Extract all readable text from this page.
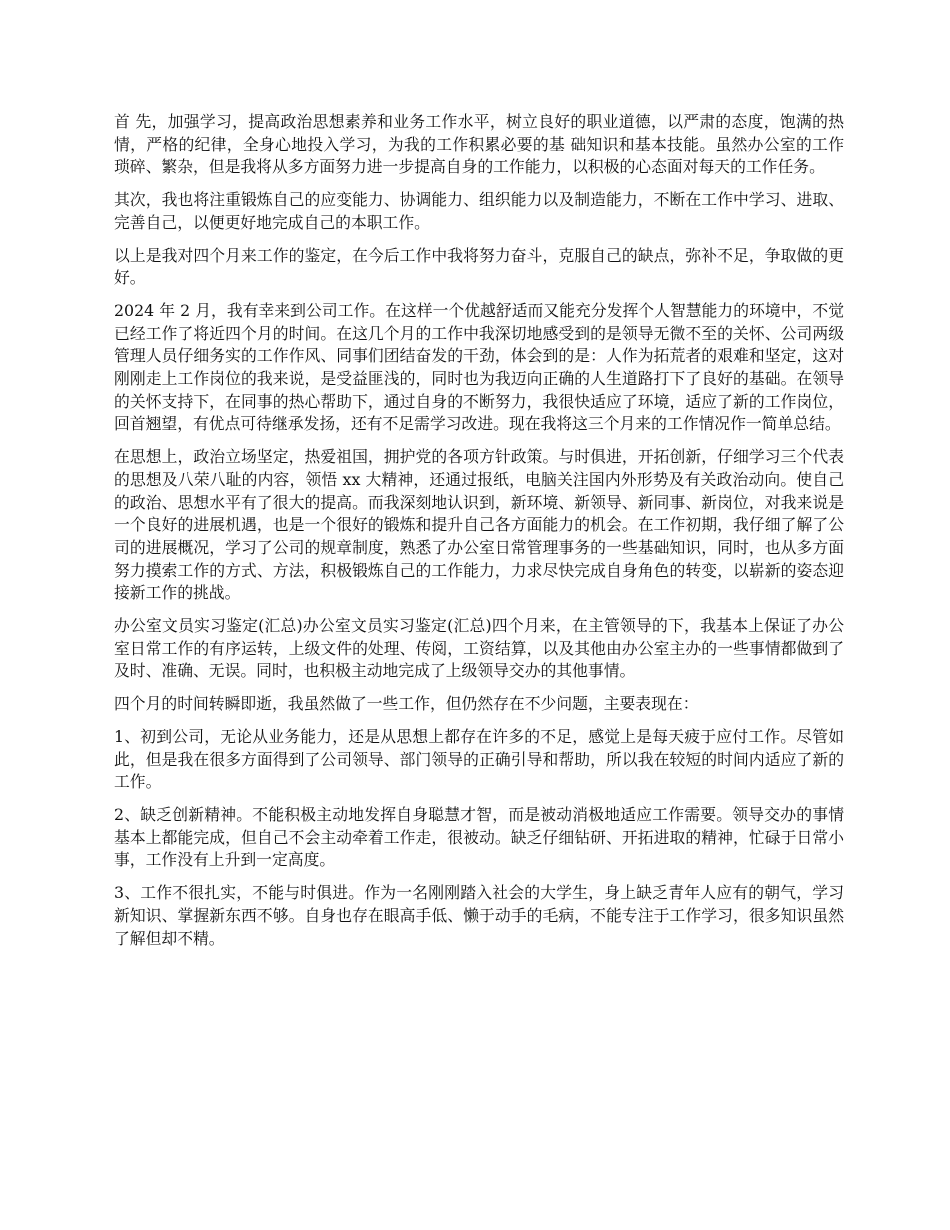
首 先，加强学习，提高政治思想素养和业务工作水平，树立良好的职业道德，以严肃的态度，饱满的热情，严格的纪律，全身心地投入学习，为我的工作积累必要的基 础知识和基本技能。虽然办公室的工作琐碎、繁杂，但是我将从多方面努力进一步提高自身的工作能力，以积极的心态面对每天的工作任务。

其次，我也将注重锻炼自己的应变能力、协调能力、组织能力以及制造能力，不断在工作中学习、进取、完善自己，以便更好地完成自己的本职工作。

以上是我对四个月来工作的鉴定，在今后工作中我将努力奋斗，克服自己的缺点，弥补不足，争取做的更好。

2024 年 2 月，我有幸来到公司工作。在这样一个优越舒适而又能充分发挥个人智慧能力的环境中，不觉已经工作了将近四个月的时间。在这几个月的工作中我深切地感受到的是领导无微不至的关怀、公司两级管理人员仔细务实的工作作风、同事们团结奋发的干劲，体会到的是：人作为拓荒者的艰难和坚定，这对刚刚走上工作岗位的我来说，是受益匪浅的，同时也为我迈向正确的人生道路打下了良好的基础。在领导的关怀支持下，在同事的热心帮助下，通过自身的不断努力，我很快适应了环境，适应了新的工作岗位，回首翘望，有优点可待继承发扬，还有不足需学习改进。现在我将这三个月来的工作情况作一简单总结。

在思想上，政治立场坚定，热爱祖国，拥护党的各项方针政策。与时俱进，开拓创新，仔细学习三个代表的思想及八荣八耻的内容，领悟 xx 大精神，还通过报纸，电脑关注国内外形势及有关政治动向。使自己的政治、思想水平有了很大的提高。而我深刻地认识到，新环境、新领导、新同事、新岗位，对我来说是一个良好的进展机遇，也是一个很好的锻炼和提升自己各方面能力的机会。在工作初期，我仔细了解了公司的进展概况，学习了公司的规章制度，熟悉了办公室日常管理事务的一些基础知识，同时，也从多方面努力摸索工作的方式、方法，积极锻炼自己的工作能力，力求尽快完成自身角色的转变，以崭新的姿态迎接新工作的挑战。

办公室文员实习鉴定(汇总)办公室文员实习鉴定(汇总)四个月来，在主管领导的下，我基本上保证了办公室日常工作的有序运转，上级文件的处理、传阅，工资结算，以及其他由办公室主办的一些事情都做到了及时、准确、无误。同时，也积极主动地完成了上级领导交办的其他事情。

四个月的时间转瞬即逝，我虽然做了一些工作，但仍然存在不少问题，主要表现在：

1、初到公司，无论从业务能力，还是从思想上都存在许多的不足，感觉上是每天疲于应付工作。尽管如此，但是我在很多方面得到了公司领导、部门领导的正确引导和帮助，所以我在较短的时间内适应了新的工作。

2、缺乏创新精神。不能积极主动地发挥自身聪慧才智，而是被动消极地适应工作需要。领导交办的事情基本上都能完成，但自己不会主动牵着工作走，很被动。缺乏仔细钻研、开拓进取的精神，忙碌于日常小事，工作没有上升到一定高度。

3、工作不很扎实，不能与时俱进。作为一名刚刚踏入社会的大学生，身上缺乏青年人应有的朝气，学习新知识、掌握新东西不够。自身也存在眼高手低、懒于动手的毛病，不能专注于工作学习，很多知识虽然了解但却不精。
